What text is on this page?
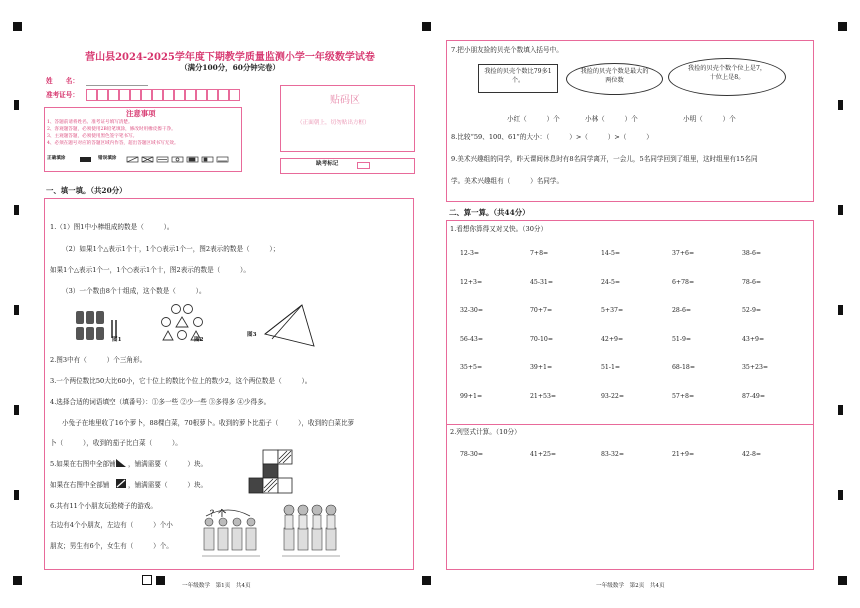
营山县2024-2025学年度下期教学质量监测小学一年级数学试卷
（满分100分，60分钟完卷）
姓　　名：
准考证号：
注意事项
1、答题前请将姓名、准考证号填写清楚。
2、客观题答题，必须使用2B铅笔填涂，修改时用橡皮擦干净。
3、主观题答题，必须使用黑色签字笔书写。
4、必须在题号对应的答题区域内作答，超出答题区域书写无效。
正确填涂	错误填涂
贴码区
（正面朝上，切勿贴出方框）
缺考标记
一、填一填。（共20分）
1.（1）图1中小棒组成的数是（　　　）。
（2）如果1个△表示1个十，1个○表示1个一，图2表示的数是（　　　）；
如果1个△表示1个一，1个○表示1个十，图2表示的数是（　　　）。
（3）一个数由8个十组成，这个数是（　　　）。
图1	图2
图3
2.图3中有（　　　）个三角形。
3.一个两位数比50大比60小，它十位上的数比个位上的数少2，这个两位数是（　　　）。
4.选择合适的词语填空（填番号）：①多一些 ②少一些 ③多得多 ④少得多。
小兔子在地里收了16个萝卜，88棵白菜，70根萝卜。收到的萝卜比茄子（　　　），收到的白菜比萝
卜（　　　），收到的茄子比白菜（　　　）。
5.如果在右图中全部铺 ，铺满需要（　　　）块。
如果在右图中全部铺	，铺满需要（　　　）块。
6.共有11个小朋友玩抢椅子的游戏。
右边有4个小朋友，左边有（　　　）个小
朋友；男生有6个，女生有（　　　）个。
？个
一年级数学　第1页　共4页
7.把小朋友捡的贝壳个数填入括号中。
我捡的贝壳个数比79多1个。
我捡的贝壳个数是最大的两位数
我捡的贝壳个数个位上是7，十位上是8。
小红（　　　）个	小林（　　　）个	小明（　　　）个
8.比较“59、100、61”的大小：（　　　）>（　　　）>（　　　）
9.美术兴趣组的同学，昨天课间休息时有8名同学离开，一会儿，5名同学回到了组里，这时组里有15名同
学。美术兴趣组有（　　　）名同学。
二、算一算。（共44分）
1.看想你算得又对又快。（30分）
2.列竖式计算。（10分）
12-3=	7+8=	14-5=	37+6=	38-6=
12+3=	45-31=	24-5=	6+78=	78-6=
32-30=	70+7=	5+37=	28-6=	52-9=
56-43=	70-10=	42+9=	51-9=	43+9=
35+5=	39+1=	51-1=	68-18=	35+23=
99+1=	21+53=	93-22=	57+8=	87-49=
78-30=	41+25=	83-32=	21+9=	42-8=
一年级数学　第2页　共4页
